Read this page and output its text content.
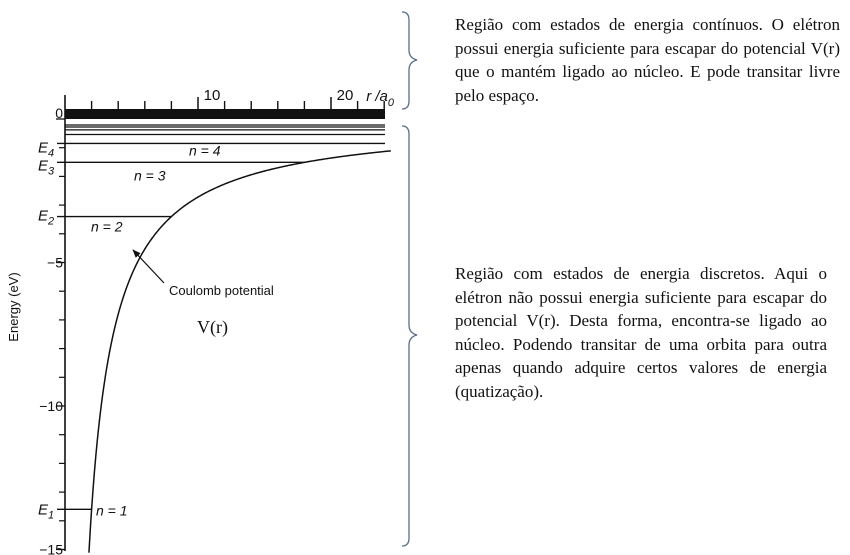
Energy (eV)
r $/a_0$
10	20
0
−5
−10
−15
n = 1
$E_1$
n = 2
$E_2$
n = 3
$E_3$
n = 4
$E_4$
Coulomb potential
V(r)

Região com estados de energia contínuos. O elétron possui energia suficiente para escapar do potencial V(r) que o mantém ligado ao núcleo. E pode transitar livre pelo espaço.

Região com estados de energia discretos. Aqui o elétron não possui energia suficiente para escapar do potencial V(r). Desta forma, encontra-se ligado ao núcleo. Podendo transitar de uma orbita para outra apenas quando adquire certos valores de energia (quatização).
